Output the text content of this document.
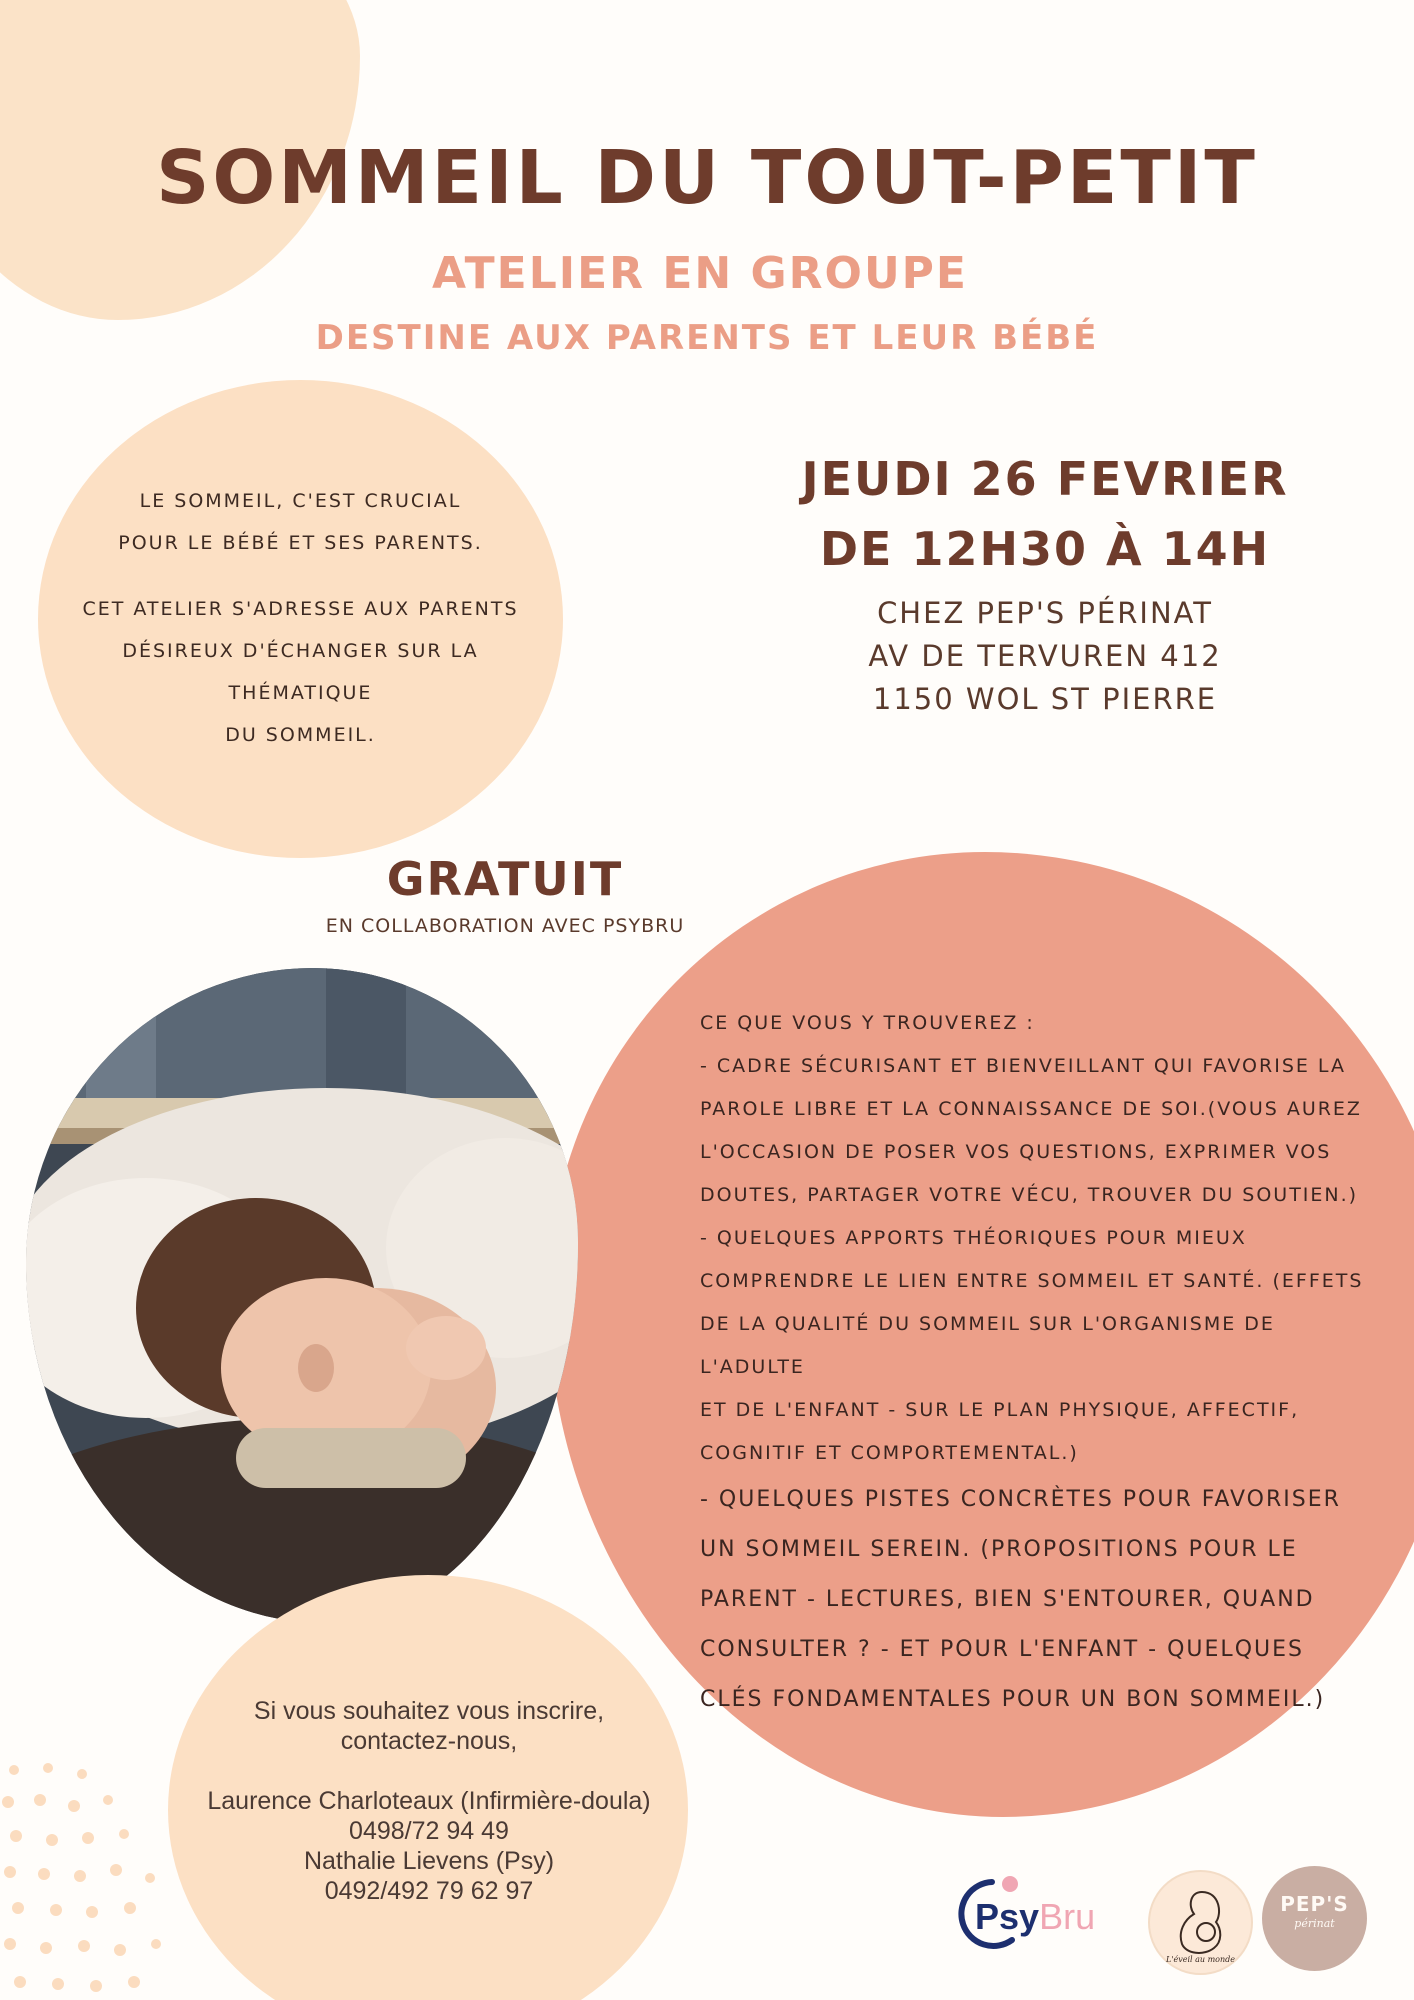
SOMMEIL DU TOUT-PETIT
ATELIER EN GROUPE
DESTINE AUX PARENTS ET LEUR BÉBÉ

LE SOMMEIL, C'EST CRUCIAL
POUR LE BÉBÉ ET SES PARENTS.

CET ATELIER S'ADRESSE AUX PARENTS
DÉSIREUX D'ÉCHANGER SUR LA THÉMATIQUE
DU SOMMEIL.

JEUDI 26 FEVRIER
DE 12H30 À 14H
CHEZ PEP'S PÉRINAT
AV DE TERVUREN 412
1150 WOL ST PIERRE
GRATUIT
EN COLLABORATION AVEC PSYBRU
CE QUE VOUS Y TROUVEREZ :
- CADRE SÉCURISANT ET BIENVEILLANT QUI FAVORISE LA
PAROLE LIBRE ET LA CONNAISSANCE DE SOI.(VOUS AUREZ
L'OCCASION DE POSER VOS QUESTIONS, EXPRIMER VOS
DOUTES, PARTAGER VOTRE VÉCU, TROUVER DU SOUTIEN.)
- QUELQUES APPORTS THÉORIQUES POUR MIEUX
COMPRENDRE LE LIEN ENTRE SOMMEIL ET SANTÉ. (EFFETS
DE LA QUALITÉ DU SOMMEIL SUR L'ORGANISME DE L'ADULTE
ET DE L'ENFANT - SUR LE PLAN PHYSIQUE, AFFECTIF,
COGNITIF ET COMPORTEMENTAL.)
- QUELQUES PISTES CONCRÈTES POUR FAVORISER
UN SOMMEIL SEREIN. (PROPOSITIONS POUR LE
PARENT - LECTURES, BIEN S'ENTOURER, QUAND
CONSULTER ? - ET POUR L'ENFANT - QUELQUES
CLÉS FONDAMENTALES POUR UN BON SOMMEIL.)
Si vous souhaitez vous inscrire,
contactez-nous,
Laurence Charloteaux (Infirmière-doula)
0498/72 94 49
Nathalie Lievens (Psy)
0492/492 79 62 97
PsyBru
L'éveil au monde
PEP'S
périnat
